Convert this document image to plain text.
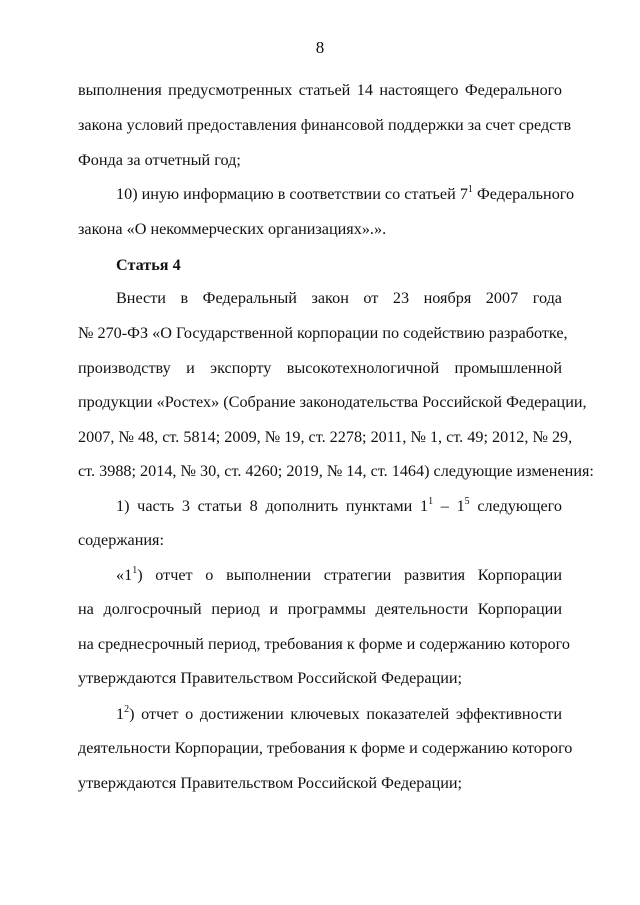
8
выполнения предусмотренных статьей 14 настоящего Федерального
закона условий предоставления финансовой поддержки за счет средств
Фонда за отчетный год;
10) иную информацию в соответствии со статьей $7^1$ Федерального
закона «О некоммерческих организациях».».
Статья 4
Внести в Федеральный закон от 23 ноября 2007 года
№ 270-ФЗ «О Государственной корпорации по содействию разработке,
производству и экспорту высокотехнологичной промышленной
продукции «Ростех» (Собрание законодательства Российской Федерации,
2007, № 48, ст. 5814; 2009, № 19, ст. 2278; 2011, № 1, ст. 49; 2012, № 29,
ст. 3988; 2014, № 30, ст. 4260; 2019, № 14, ст. 1464) следующие изменения:
1) часть 3 статьи 8 дополнить пунктами $1^1 - 1^5$ следующего
содержания:
«$1^1$) отчет о выполнении стратегии развития Корпорации
на долгосрочный период и программы деятельности Корпорации
на среднесрочный период, требования к форме и содержанию которого
утверждаются Правительством Российской Федерации;
$1^2$) отчет о достижении ключевых показателей эффективности
деятельности Корпорации, требования к форме и содержанию которого
утверждаются Правительством Российской Федерации;
